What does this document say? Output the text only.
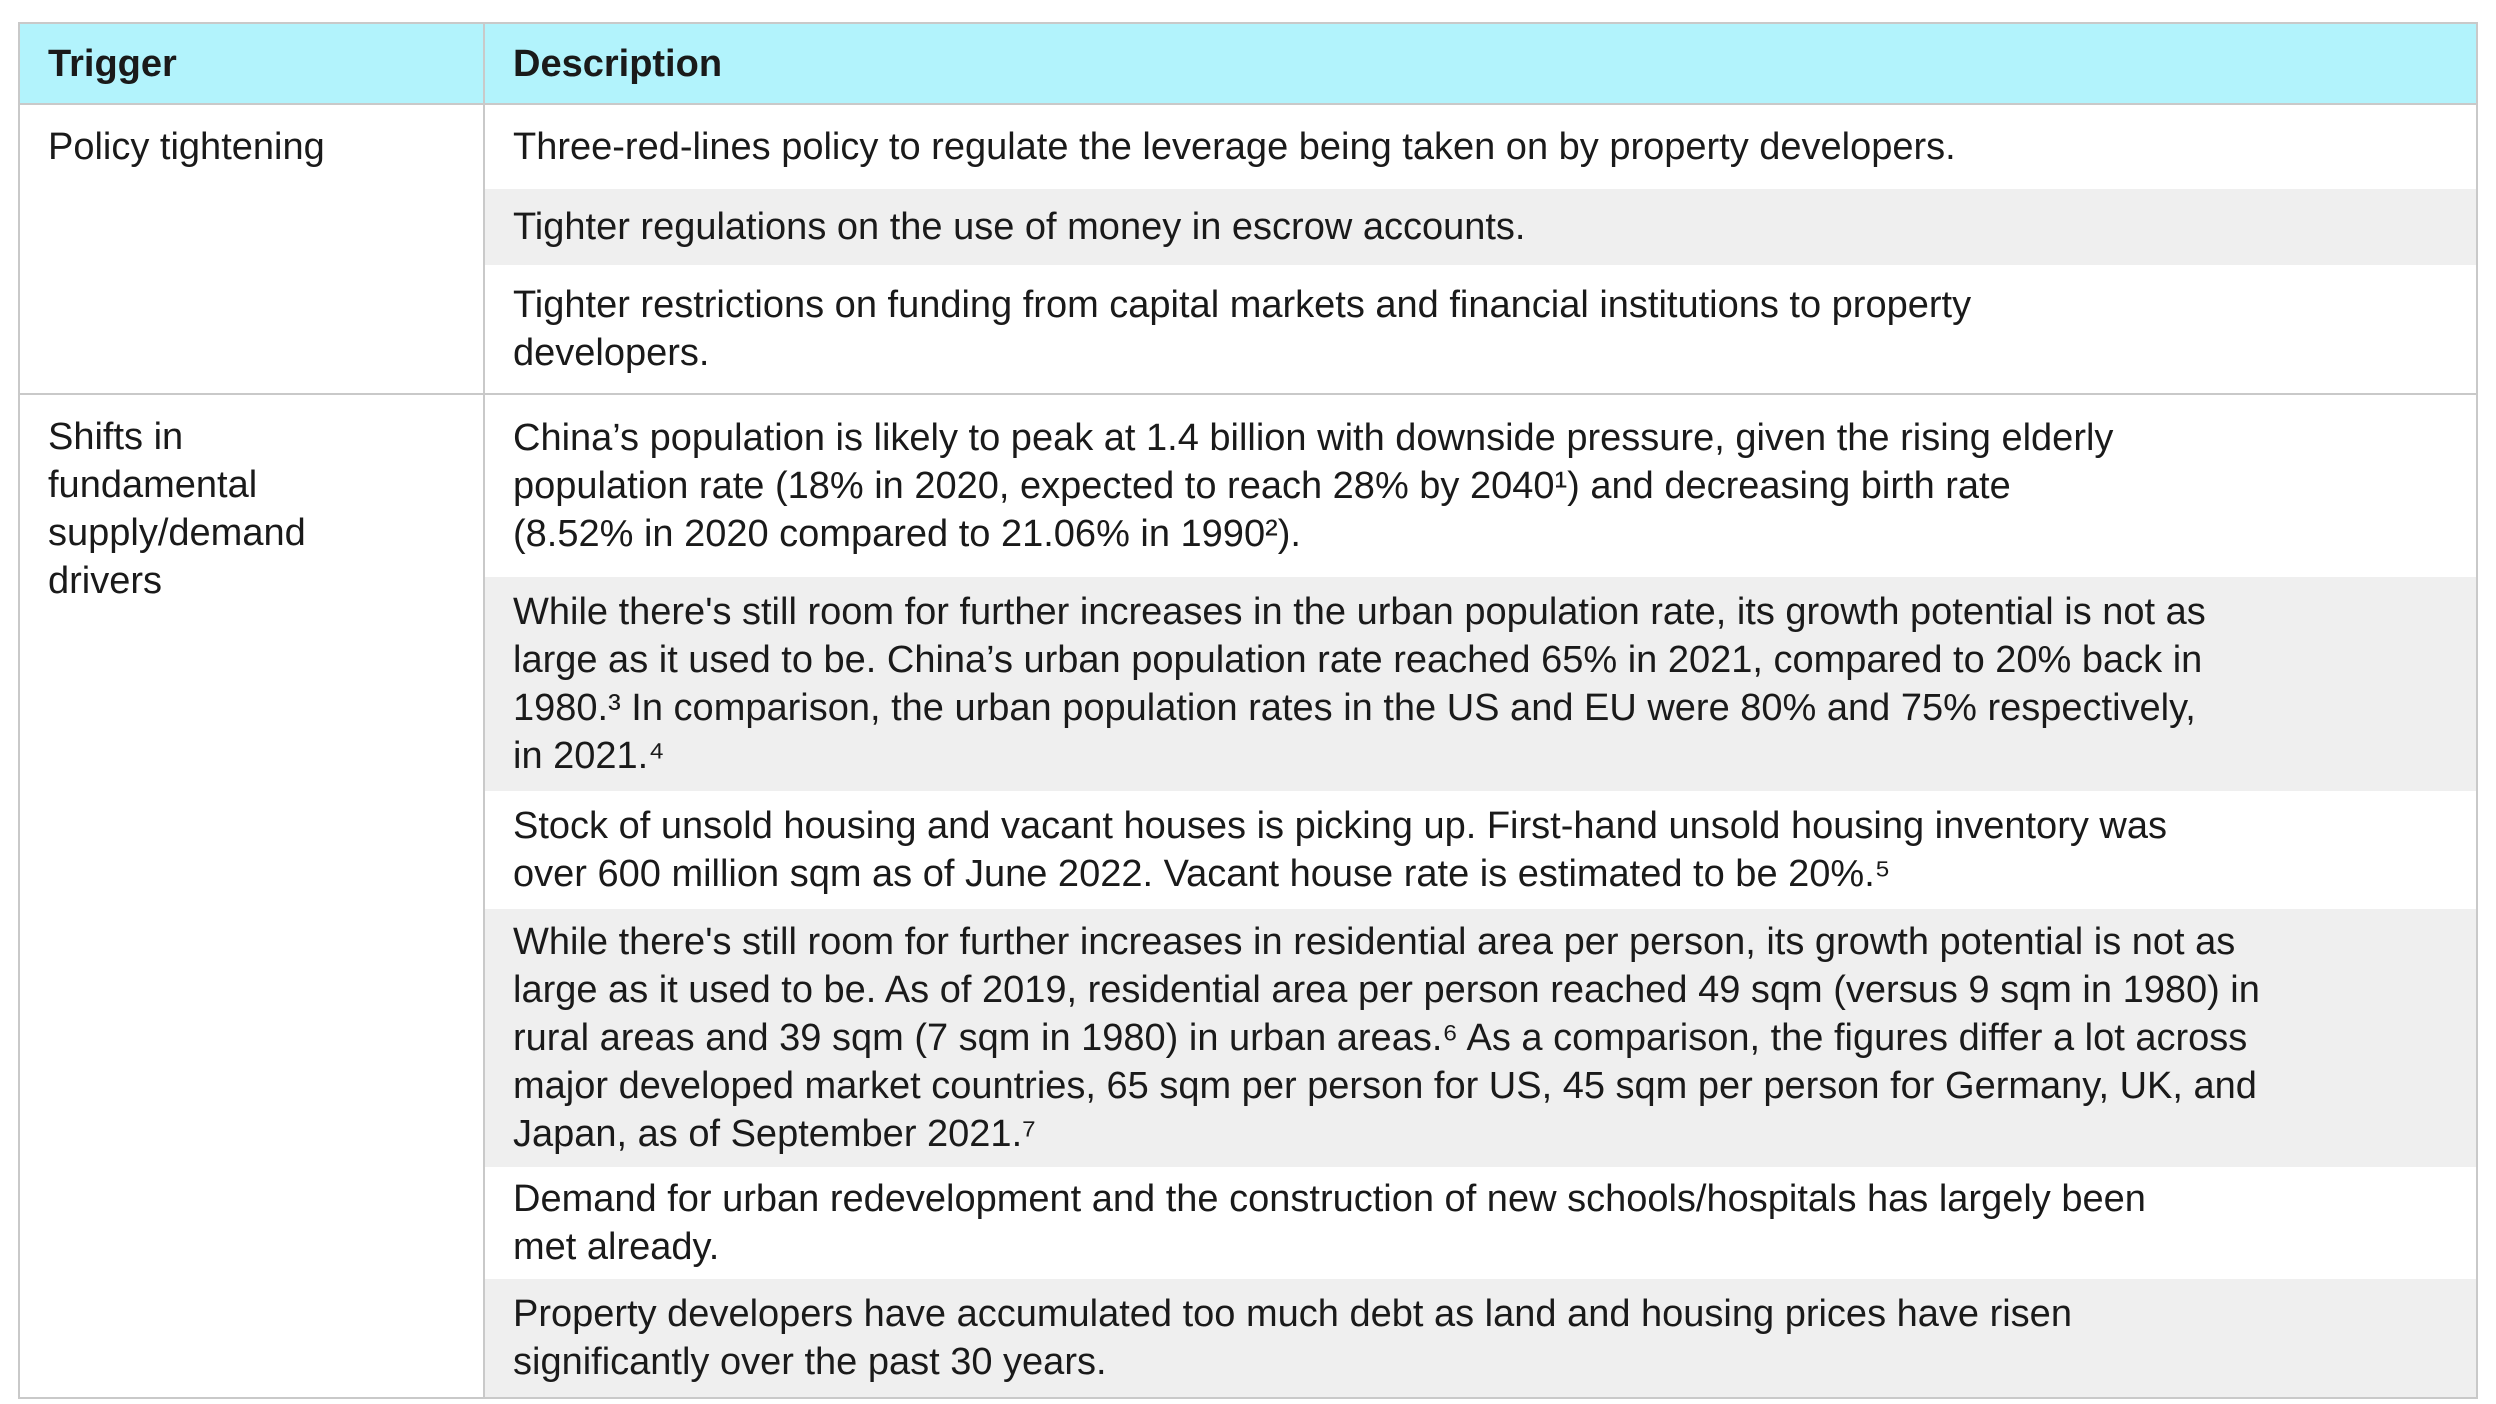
Trigger	Description
Policy tightening	Three-red-lines policy to regulate the leverage being taken on by property developers.
Tighter regulations on the use of money in escrow accounts.
Tighter restrictions on funding from capital markets and financial institutions to property
developers.
Shifts in
fundamental
supply/demand
drivers
China’s population is likely to peak at 1.4 billion with downside pressure, given the rising elderly
population rate (18% in 2020, expected to reach 28% by 2040¹) and decreasing birth rate
(8.52% in 2020 compared to 21.06% in 1990²).
While there's still room for further increases in the urban population rate, its growth potential is not as
large as it used to be. China’s urban population rate reached 65% in 2021, compared to 20% back in
1980.³ In comparison, the urban population rates in the US and EU were 80% and 75% respectively,
in 2021.⁴
Stock of unsold housing and vacant houses is picking up. First-hand unsold housing inventory was
over 600 million sqm as of June 2022. Vacant house rate is estimated to be 20%.⁵
While there's still room for further increases in residential area per person, its growth potential is not as
large as it used to be. As of 2019, residential area per person reached 49 sqm (versus 9 sqm in 1980) in
rural areas and 39 sqm (7 sqm in 1980) in urban areas.⁶ As a comparison, the figures differ a lot across
major developed market countries, 65 sqm per person for US, 45 sqm per person for Germany, UK, and
Japan, as of September 2021.⁷
Demand for urban redevelopment and the construction of new schools/hospitals has largely been
met already.
Property developers have accumulated too much debt as land and housing prices have risen
significantly over the past 30 years.
